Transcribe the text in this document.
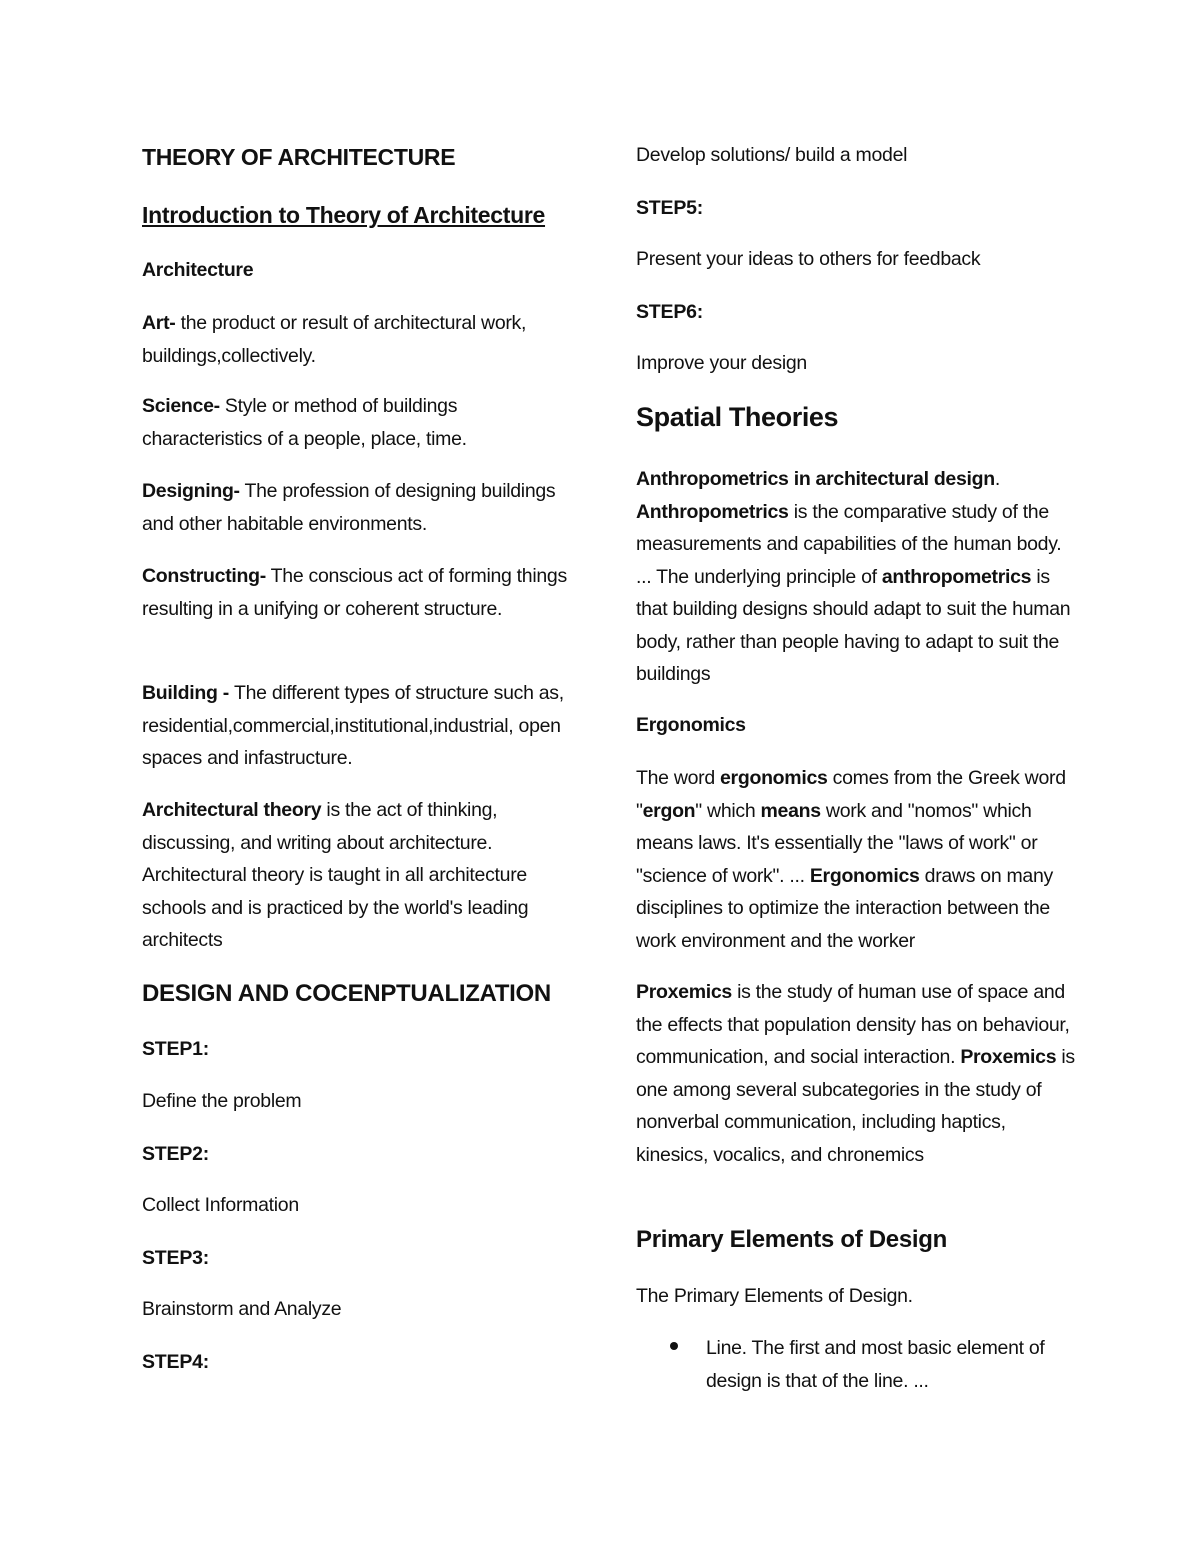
THEORY OF ARCHITECTURE
Introduction to Theory of Architecture

Architecture

Art- the product or result of architectural work, buildings,collectively.

Science- Style or method of buildings characteristics of a people, place, time.

Designing- The profession of designing buildings and other habitable environments.

Constructing- The conscious act of forming things resulting in a unifying or coherent structure.

Building - The different types of structure such as, residential,commercial,institutional,industrial, open spaces and infastructure.

Architectural theory is the act of thinking, discussing, and writing about architecture. Architectural theory is taught in all architecture schools and is practiced by the world's leading architects

DESIGN AND COCENPTUALIZATION

STEP1:

Define the problem

STEP2:

Collect Information

STEP3:

Brainstorm and Analyze

STEP4:

Develop solutions/ build a model

STEP5:

Present your ideas to others for feedback

STEP6:

Improve your design

Spatial Theories

Anthropometrics in architectural design.
Anthropometrics is the comparative study of the measurements and capabilities of the human body. ... The underlying principle of anthropometrics is that building designs should adapt to suit the human body, rather than people having to adapt to suit the buildings

Ergonomics

The word ergonomics comes from the Greek word "ergon" which means work and "nomos" which means laws. It's essentially the "laws of work" or "science of work". ... Ergonomics draws on many disciplines to optimize the interaction between the work environment and the worker

Proxemics is the study of human use of space and the effects that population density has on behaviour, communication, and social interaction. Proxemics is one among several subcategories in the study of nonverbal communication, including haptics, kinesics, vocalics, and chronemics

Primary Elements of Design

The Primary Elements of Design.

Line. The first and most basic element of design is that of the line. ...
